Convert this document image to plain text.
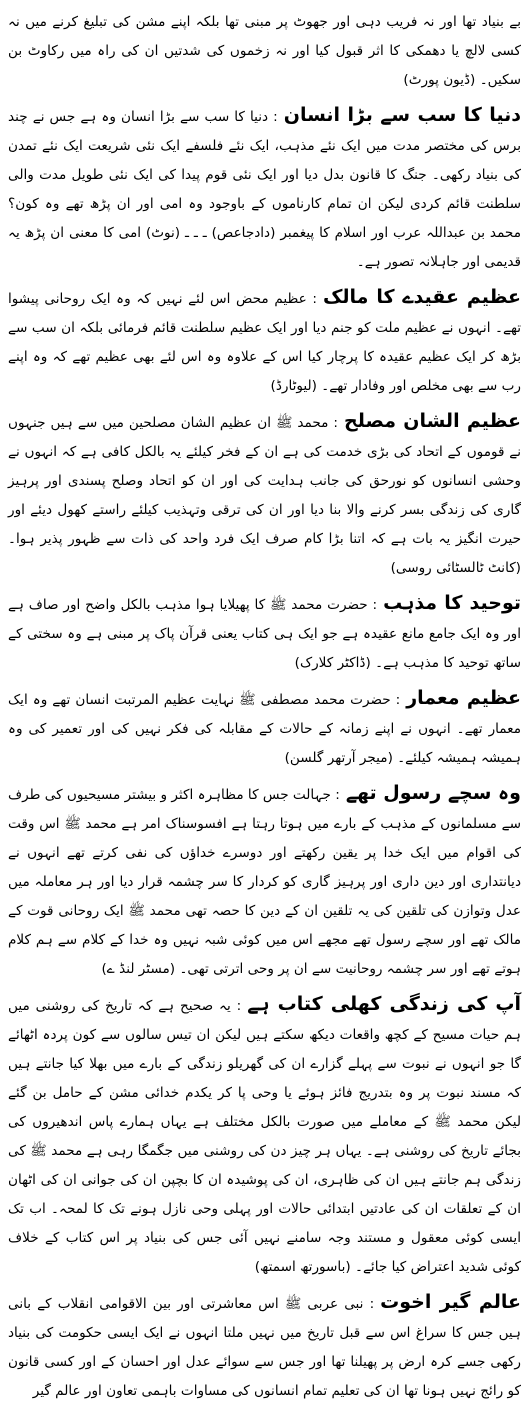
بے بنیاد تھا اور نہ فریب دہی اور جھوٹ پر مبنی تھا بلکہ اپنے مشن کی تبلیغ کرنے میں نہ کسی لالچ یا دھمکی کا اثر قبول کیا اور نہ زخموں کی شدتیں ان کی راہ میں رکاوٹ بن سکیں۔ (ڈیون پورٹ)

دنیا کا سب سے بڑا انسان: دنیا کا سب سے بڑا انسان وہ ہے جس نے چند برس کی مختصر مدت میں ایک نئے مذہب، ایک نئے فلسفے ایک نئی شریعت ایک نئے تمدن کی بنیاد رکھی۔ جنگ کا قانون بدل دیا اور ایک نئی قوم پیدا کی ایک نئی طویل مدت والی سلطنت قائم کردی لیکن ان تمام کارناموں کے باوجود وہ امی اور ان پڑھ تھے وہ کون؟ محمد بن عبداللہ عرب اور اسلام کا پیغمبر (دادجاعص) ـ ـ ـ (نوٹ) امی کا معنی ان پڑھ یہ قدیمی اور جاہلانہ تصور ہے۔

عظیم عقیدے کا مالک: عظیم محض اس لئے نہیں کہ وہ ایک روحانی پیشوا تھے۔ انہوں نے عظیم ملت کو جنم دیا اور ایک عظیم سلطنت قائم فرمائی بلکہ ان سب سے بڑھ کر ایک عظیم عقیدہ کا پرچار کیا اس کے علاوہ وہ اس لئے بھی عظیم تھے کہ وہ اپنے رب سے بھی مخلص اور وفادار تھے۔ (لیوٹارڈ)

عظیم الشان مصلح: محمد ﷺ ان عظیم الشان مصلحین میں سے ہیں جنہوں نے قوموں کے اتحاد کی بڑی خدمت کی ہے ان کے فخر کیلئے یہ بالکل کافی ہے کہ انہوں نے وحشی انسانوں کو نورحق کی جانب ہدایت کی اور ان کو اتحاد وصلح پسندی اور پرہیز گاری کی زندگی بسر کرنے والا بنا دیا اور ان کی ترقی وتہذیب کیلئے راستے کھول دیئے اور حیرت انگیز یہ بات ہے کہ اتنا بڑا کام صرف ایک فرد واحد کی ذات سے ظہور پذیر ہوا۔ (کانٹ ٹالسٹائی روسی)

توحید کا مذہب: حضرت محمد ﷺ کا پھیلایا ہوا مذہب بالکل واضح اور صاف ہے اور وہ ایک جامع مانع عقیدہ ہے جو ایک ہی کتاب یعنی قرآن پاک پر مبنی ہے وہ سختی کے ساتھ توحید کا مذہب ہے۔ (ڈاکٹر کلارک)

عظیم معمار: حضرت محمد مصطفی ﷺ نہایت عظیم المرتبت انسان تھے وہ ایک معمار تھے۔ انہوں نے اپنے زمانہ کے حالات کے مقابلہ کی فکر نہیں کی اور تعمیر کی وہ ہمیشہ ہمیشہ کیلئے۔ (میجر آرتھر گلسن)

وہ سچے رسول تھے: جہالت جس کا مظاہرہ اکثر و بیشتر مسیحیوں کی طرف سے مسلمانوں کے مذہب کے بارے میں ہوتا رہتا ہے افسوسناک امر ہے محمد ﷺ اس وقت کی اقوام میں ایک خدا پر یقین رکھتے اور دوسرے خداؤں کی نفی کرتے تھے انہوں نے دیانتداری اور دین داری اور پرہیز گاری کو کردار کا سر چشمہ قرار دیا اور ہر معاملہ میں عدل وتوازن کی تلقین کی یہ تلقین ان کے دین کا حصہ تھی محمد ﷺ ایک روحانی قوت کے مالک تھے اور سچے رسول تھے مجھے اس میں کوئی شبہ نہیں وہ خدا کے کلام سے ہم کلام ہوتے تھے اور سر چشمہ روحانیت سے ان پر وحی اترتی تھی۔ (مسٹر لنڈ ے)

آپ کی زندگی کھلی کتاب ہے: یہ صحیح ہے کہ تاریخ کی روشنی میں ہم حیات مسیح کے کچھ واقعات دیکھ سکتے ہیں لیکن ان تیس سالوں سے کون پردہ اٹھائے گا جو انہوں نے نبوت سے پہلے گزارے ان کی گھریلو زندگی کے بارے میں بھلا کیا جانتے ہیں کہ مسند نبوت پر وہ بتدریج فائز ہوئے یا وحی پا کر یکدم خدائی مشن کے حامل بن گئے لیکن محمد ﷺ کے معاملے میں صورت بالکل مختلف ہے یہاں ہمارے پاس اندھیروں کی بجائے تاریخ کی روشنی ہے۔ یہاں ہر چیز دن کی روشنی میں جگمگا رہی ہے محمد ﷺ کی زندگی ہم جانتے ہیں ان کی ظاہری، ان کی پوشیدہ ان کا بچپن ان کی جوانی ان کی اٹھان ان کے تعلقات ان کی عادتیں ابتدائی حالات اور پہلی وحی نازل ہونے تک کا لمحہ۔ اب تک ایسی کوئی معقول و مستند وجہ سامنے نہیں آئی جس کی بنیاد پر اس کتاب کے خلاف کوئی شدید اعتراض کیا جائے۔ (باسورتھ اسمتھ)

عالم گیر اخوت: نبی عربی ﷺ اس معاشرتی اور بین الاقوامی انقلاب کے بانی ہیں جس کا سراغ اس سے قبل تاریخ میں نہیں ملتا انہوں نے ایک ایسی حکومت کی بنیاد رکھی جسے کرہ ارض پر پھیلنا تھا اور جس سے سوائے عدل اور احسان کے اور کسی قانون کو رائج نہیں ہونا تھا ان کی تعلیم تمام انسانوں کی مساوات باہمی تعاون اور عالم گیر
